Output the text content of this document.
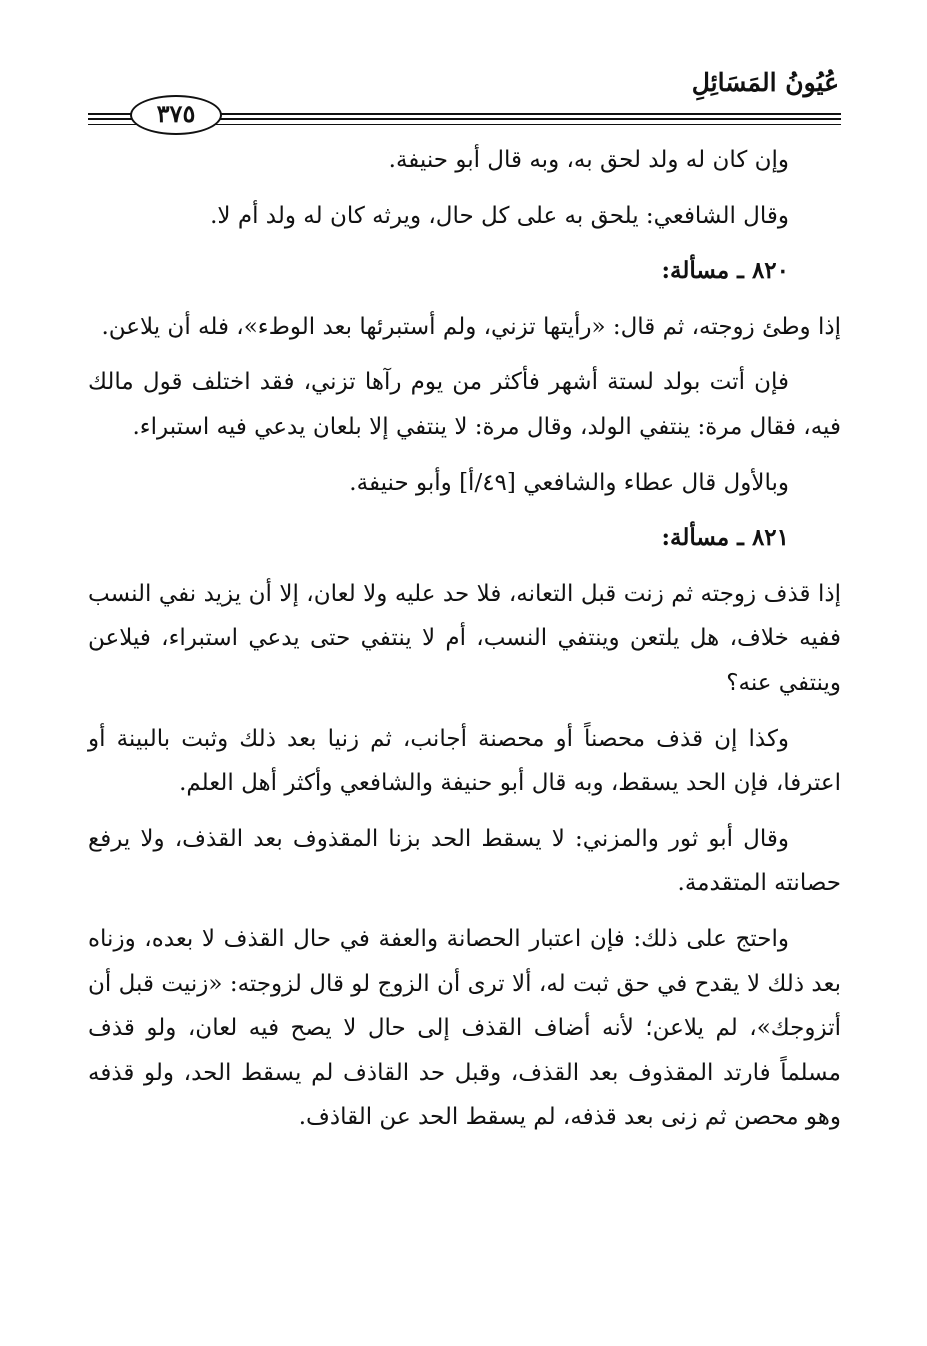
عُيُونُ المَسَائِلِ
٣٧٥

وإن كان له ولد لحق به، وبه قال أبو حنيفة.

وقال الشافعي: يلحق به على كل حال، ويرثه كان له ولد أم لا.

٨٢٠ ـ مسألة:

إذا وطئ زوجته، ثم قال: «رأيتها تزني، ولم أستبرئها بعد الوطء»، فله أن يلاعن.

فإن أتت بولد لستة أشهر فأكثر من يوم رآها تزني، فقد اختلف قول مالك فيه، فقال مرة: ينتفي الولد، وقال مرة: لا ينتفي إلا بلعان يدعي فيه استبراء.

وبالأول قال عطاء والشافعي [٤٩/أ] وأبو حنيفة.

٨٢١ ـ مسألة:

إذا قذف زوجته ثم زنت قبل التعانه، فلا حد عليه ولا لعان، إلا أن يزيد نفي النسب ففيه خلاف، هل يلتعن وينتفي النسب، أم لا ينتفي حتى يدعي استبراء، فيلاعن وينتفي عنه؟

وكذا إن قذف محصناً أو محصنة أجانب، ثم زنيا بعد ذلك وثبت بالبينة أو اعترفا، فإن الحد يسقط، وبه قال أبو حنيفة والشافعي وأكثر أهل العلم.

وقال أبو ثور والمزني: لا يسقط الحد بزنا المقذوف بعد القذف، ولا يرفع حصانته المتقدمة.

واحتج على ذلك: فإن اعتبار الحصانة والعفة في حال القذف لا بعده، وزناه بعد ذلك لا يقدح في حق ثبت له، ألا ترى أن الزوج لو قال لزوجته: «زنيت قبل أن أتزوجك»، لم يلاعن؛ لأنه أضاف القذف إلى حال لا يصح فيه لعان، ولو قذف مسلماً فارتد المقذوف بعد القذف، وقبل حد القاذف لم يسقط الحد، ولو قذفه وهو محصن ثم زنى بعد قذفه، لم يسقط الحد عن القاذف.
